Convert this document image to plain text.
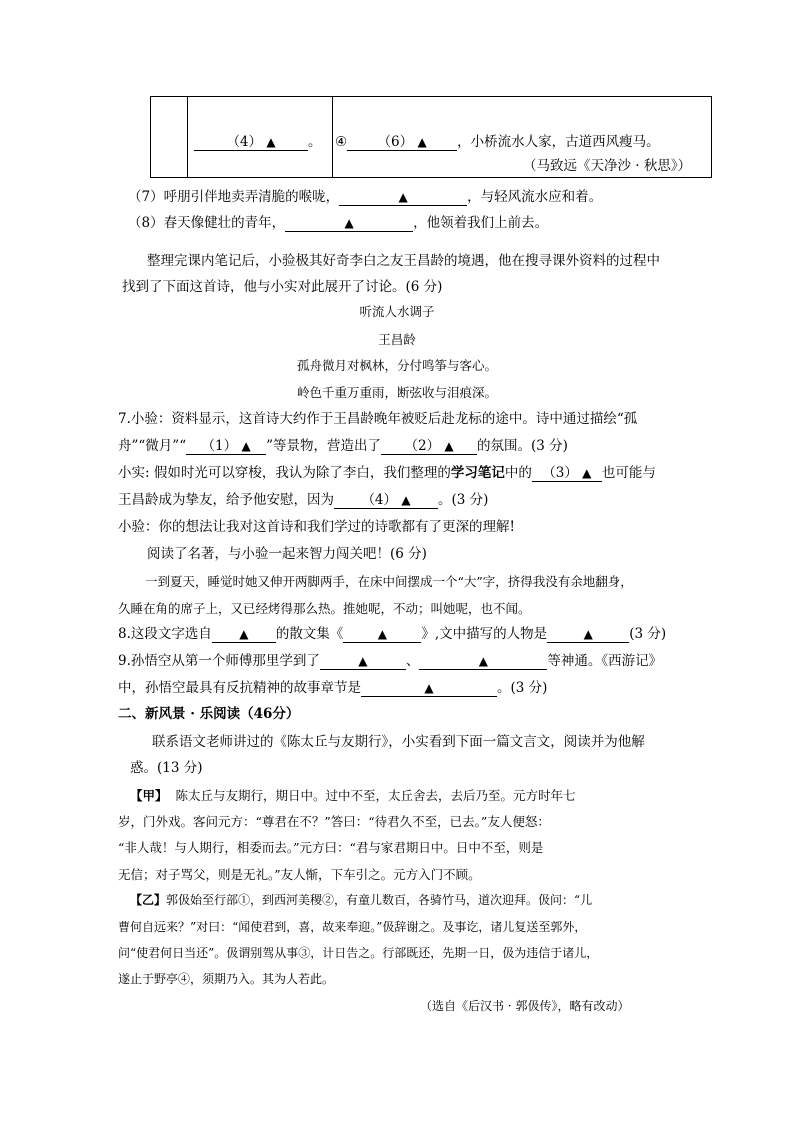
（4） ▲ 。	④ （6） ▲ ，小桥流水人家，古道西风瘦马。
（马致远《天净沙 · 秋思》）
（7）呼朋引伴地卖弄清脆的喉咙，	▲	，与轻风流水应和着。
（8）春天像健壮的青年，	▲	，他领着我们上前去。
整理完课内笔记后，小验极其好奇李白之友王昌龄的境遇，他在搜寻课外资料的过程中
找到了下面这首诗，他与小实对此展开了讨论。(6 分)
听流人水调子
王昌龄
孤舟微月对枫林，分付鸣筝与客心。
岭色千重万重雨，断弦收与泪痕深。
7.小验：资料显示，这首诗大约作于王昌龄晚年被贬后赴龙标的途中。诗中通过描绘“孤
舟”“微月”“ （1） ▲ ”等景物，营造出了 （2） ▲ 的氛围。(3 分)
小实: 假如时光可以穿梭，我认为除了李白，我们整理的学习笔记中的 （3） ▲ 也可能与
王昌龄成为挚友，给予他安慰，因为 （4） ▲ 。(3 分)
小验：你的想法让我对这首诗和我们学过的诗歌都有了更深的理解!
阅读了名著，与小验一起来智力闯关吧！(6 分)
一到夏天，睡觉时她又伸开两脚两手，在床中间摆成一个“大”字，挤得我没有余地翻身，
久睡在角的席子上，又已经烤得那么热。推她呢，不动；叫她呢，也不闻。
8.这段文字选自 ▲ 的散文集《	▲	》,文中描写的人物是	▲	(3 分)
9.孙悟空从第一个师傅那里学到了	▲	、	▲	等神通。《西游记》
中，孙悟空最具有反抗精神的故事章节是	▲	。(3 分)
二、新风景 · 乐阅读（46分）
联系语文老师讲过的《陈太丘与友期行》，小实看到下面一篇文言文，阅读并为他解
惑。(13 分)
【甲】 陈太丘与友期行，期日中。过中不至，太丘舍去，去后乃至。元方时年七
岁，门外戏。客问元方：“尊君在不？”答曰：“待君久不至，已去。”友人便怒：
“非人哉！与人期行，相委而去。”元方曰：“君与家君期日中。日中不至，则是
无信；对子骂父，则是无礼。”友人惭，下车引之。元方入门不顾。
【乙】郭伋始至行部①，到西河美稷②，有童儿数百，各骑竹马，道次迎拜。伋问：“儿
曹何自远来？”对曰：“闻使君到，喜，故来奉迎。”伋辞谢之。及事讫，诸儿复送至郭外，
问“使君何日当还”。伋谓别驾从事③，计日告之。行部既还，先期一日，伋为违信于诸儿，
遂止于野亭④，须期乃入。其为人若此。
（选自《后汉书 · 郭伋传》，略有改动）
